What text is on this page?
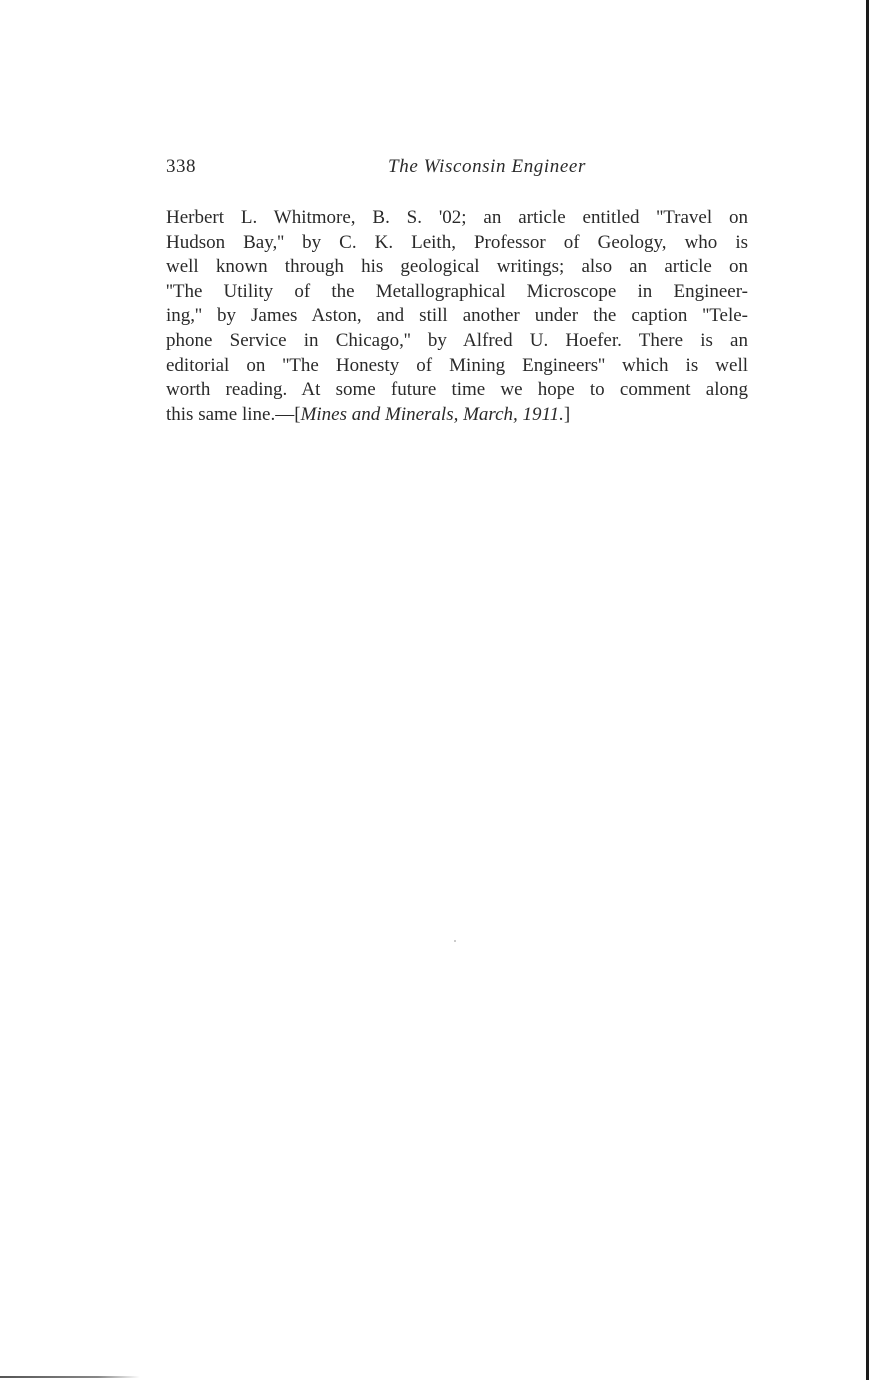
338	The Wisconsin Engineer
Herbert L. Whitmore, B. S. '02; an article entitled ''Travel on
Hudson Bay,'' by C. K. Leith, Professor of Geology, who is
well known through his geological writings; also an article on
''The Utility of the Metallographical Microscope in Engineer-
ing,'' by James Aston, and still another under the caption ''Tele-
phone Service in Chicago,'' by Alfred U. Hoefer. There is an
editorial on ''The Honesty of Mining Engineers'' which is well
worth reading. At some future time we hope to comment along
this same line.—[Mines and Minerals, March, 1911.]
